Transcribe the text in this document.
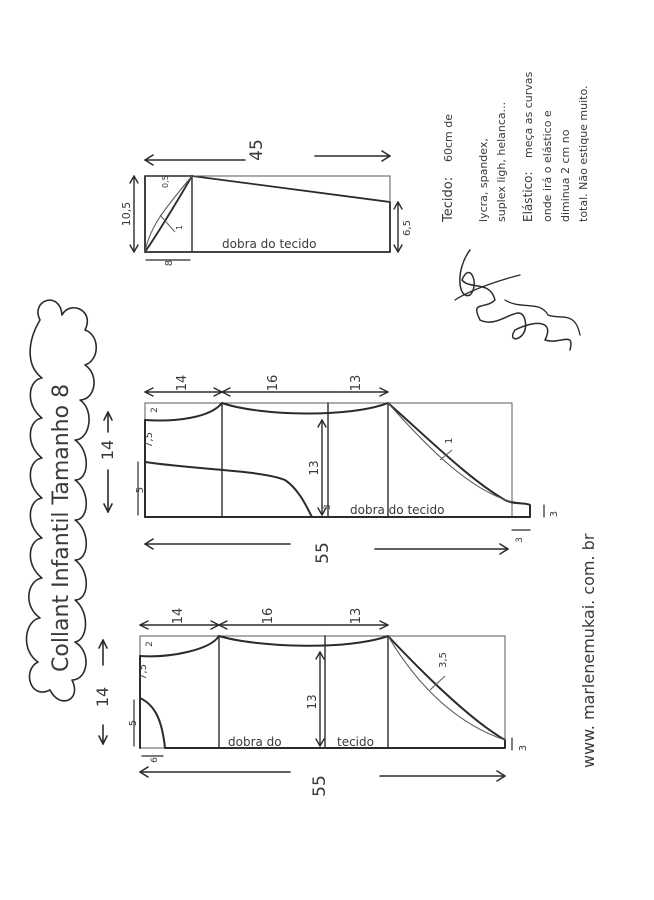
Collant Infantil Tamanho 8
45
10,5
6,5
8
0,5
1
dobra do tecido
14	16	13
14
5
7,5
2
13
3
1
3
3
dobra do tecido
55
14	16	13
14
5
7,5
2
6
13
3,5
3
dobra do	tecido
55
Tecido:
60cm de
lycra, spandex, suplex ligh, helanca... Elástico:
meça as curvas onde irá o elástico e diminua 2 cm no total. Não estique muito.
www. marlenemukai. com. br
